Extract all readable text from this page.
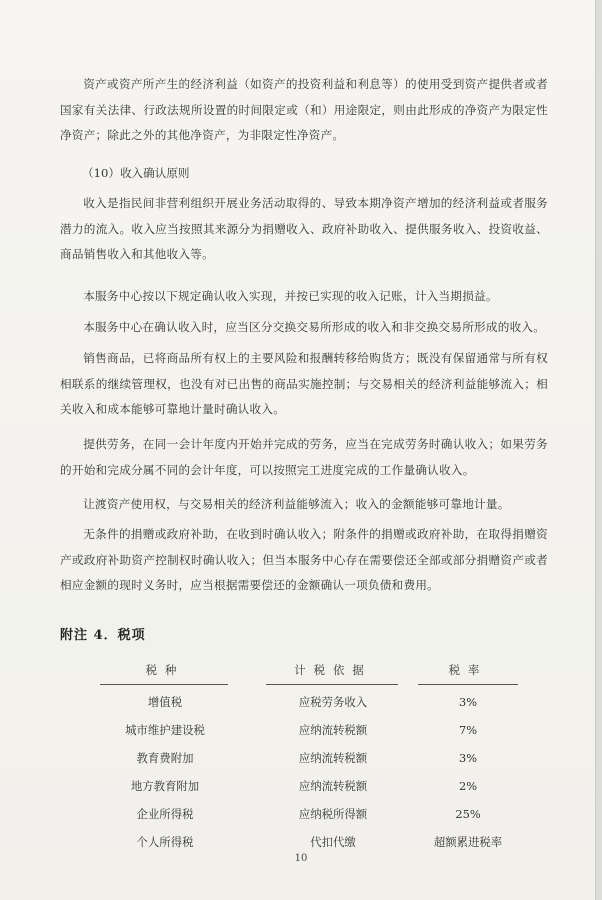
资产或资产所产生的经济利益（如资产的投资利益和利息等）的使用受到资产提供者或者国家有关法律、行政法规所设置的时间限定或（和）用途限定，则由此形成的净资产为限定性净资产；除此之外的其他净资产，为非限定性净资产。

（10）收入确认原则

收入是指民间非营利组织开展业务活动取得的、导致本期净资产增加的经济利益或者服务潜力的流入。收入应当按照其来源分为捐赠收入、政府补助收入、提供服务收入、投资收益、商品销售收入和其他收入等。

本服务中心按以下规定确认收入实现，并按已实现的收入记账，计入当期损益。

本服务中心在确认收入时，应当区分交换交易所形成的收入和非交换交易所形成的收入。

销售商品，已将商品所有权上的主要风险和报酬转移给购货方；既没有保留通常与所有权相联系的继续管理权，也没有对已出售的商品实施控制；与交易相关的经济利益能够流入；相关收入和成本能够可靠地计量时确认收入。

提供劳务，在同一会计年度内开始并完成的劳务，应当在完成劳务时确认收入；如果劳务的开始和完成分属不同的会计年度，可以按照完工进度完成的工作量确认收入。

让渡资产使用权，与交易相关的经济利益能够流入；收入的金额能够可靠地计量。

无条件的捐赠或政府补助，在收到时确认收入；附条件的捐赠或政府补助，在取得捐赠资产或政府补助资产控制权时确认收入；但当本服务中心存在需要偿还全部或部分捐赠资产或者相应金额的现时义务时，应当根据需要偿还的金额确认一项负债和费用。

附注 4．税项
税种	计税依据	税率
增值税	应税劳务收入	3%
城市维护建设税	应纳流转税额	7%
教育费附加	应纳流转税额	3%
地方教育附加	应纳流转税额	2%
企业所得税	应纳税所得额	25%
个人所得税	代扣代缴	超额累进税率
10
